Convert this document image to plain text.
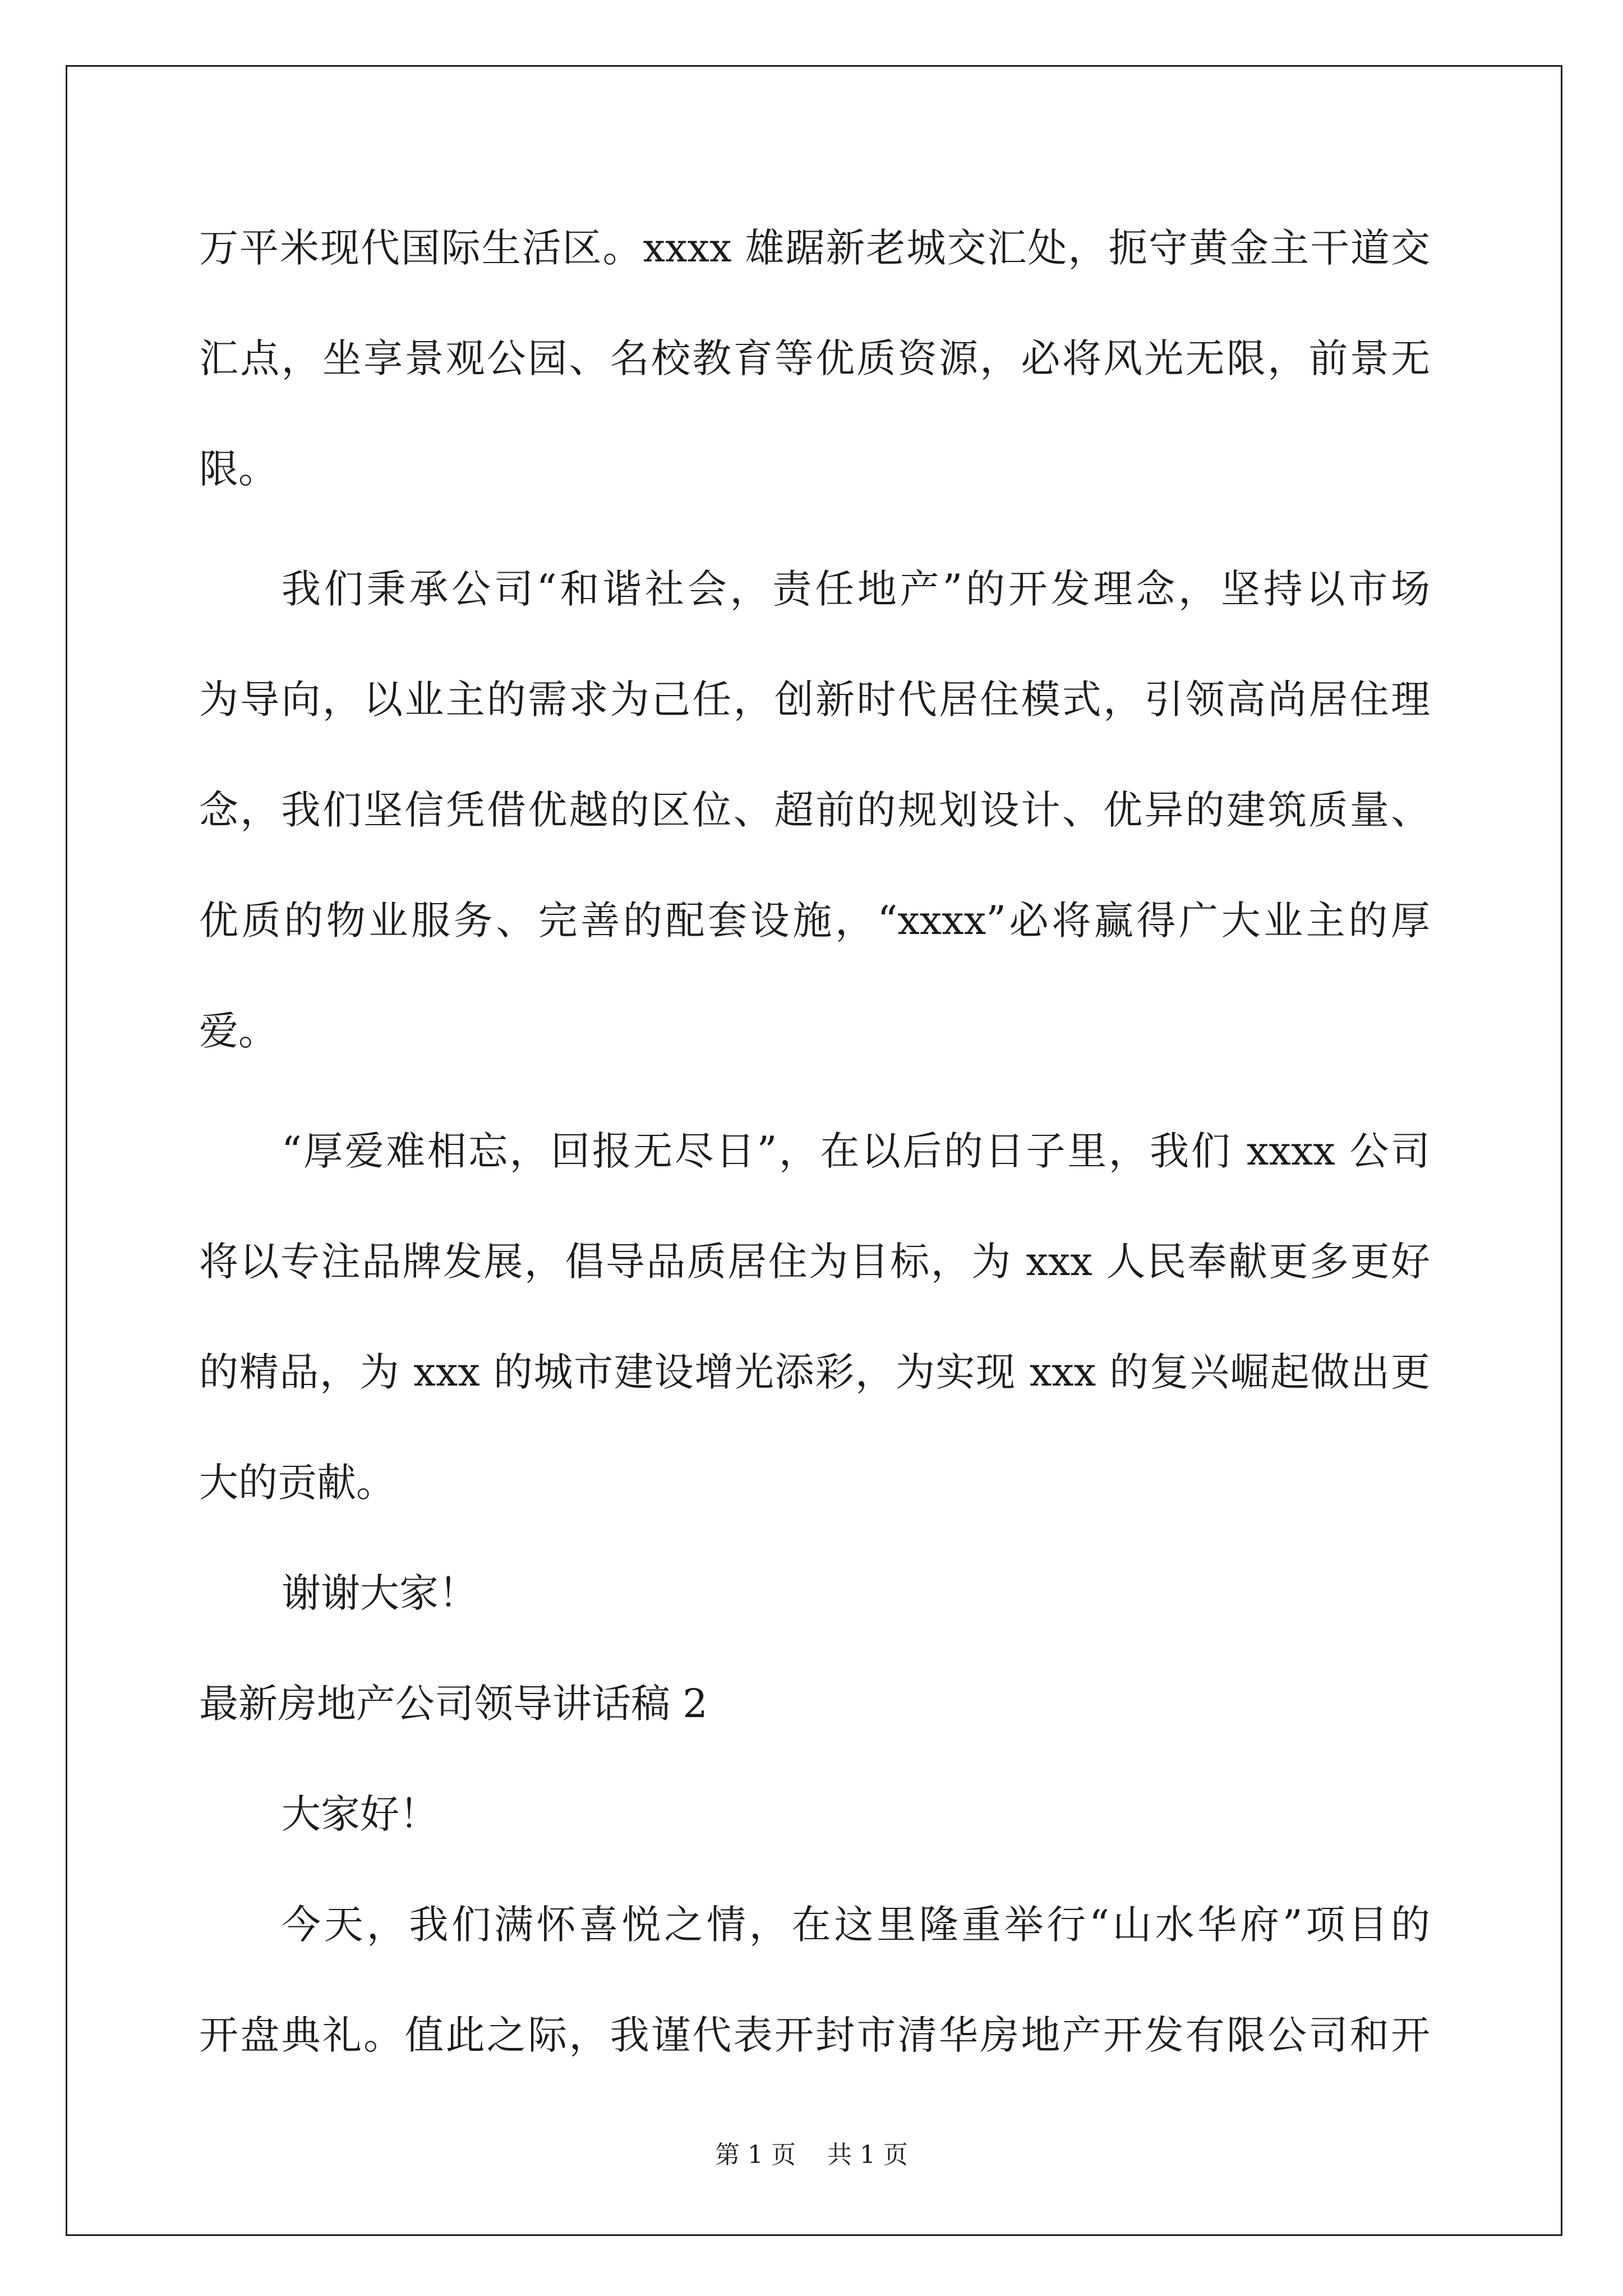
万平米现代国际生活区。xxxx 雄踞新老城交汇处，扼守黄金主干道交

汇点，坐享景观公园、名校教育等优质资源，必将风光无限，前景无

限。

我们秉承公司“和谐社会，责任地产”的开发理念，坚持以市场

为导向，以业主的需求为己任，创新时代居住模式，引领高尚居住理

念，我们坚信凭借优越的区位、超前的规划设计、优异的建筑质量、

优质的物业服务、完善的配套设施，“xxxx”必将赢得广大业主的厚

爱。

“厚爱难相忘，回报无尽日”，在以后的日子里，我们 xxxx 公司

将以专注品牌发展，倡导品质居住为目标，为 xxx 人民奉献更多更好

的精品，为 xxx 的城市建设增光添彩，为实现 xxx 的复兴崛起做出更

大的贡献。

谢谢大家！

最新房地产公司领导讲话稿 2

大家好！

今天，我们满怀喜悦之情，在这里隆重举行“山水华府”项目的

开盘典礼。值此之际，我谨代表开封市清华房地产开发有限公司和开

第 1 页    共 1 页
